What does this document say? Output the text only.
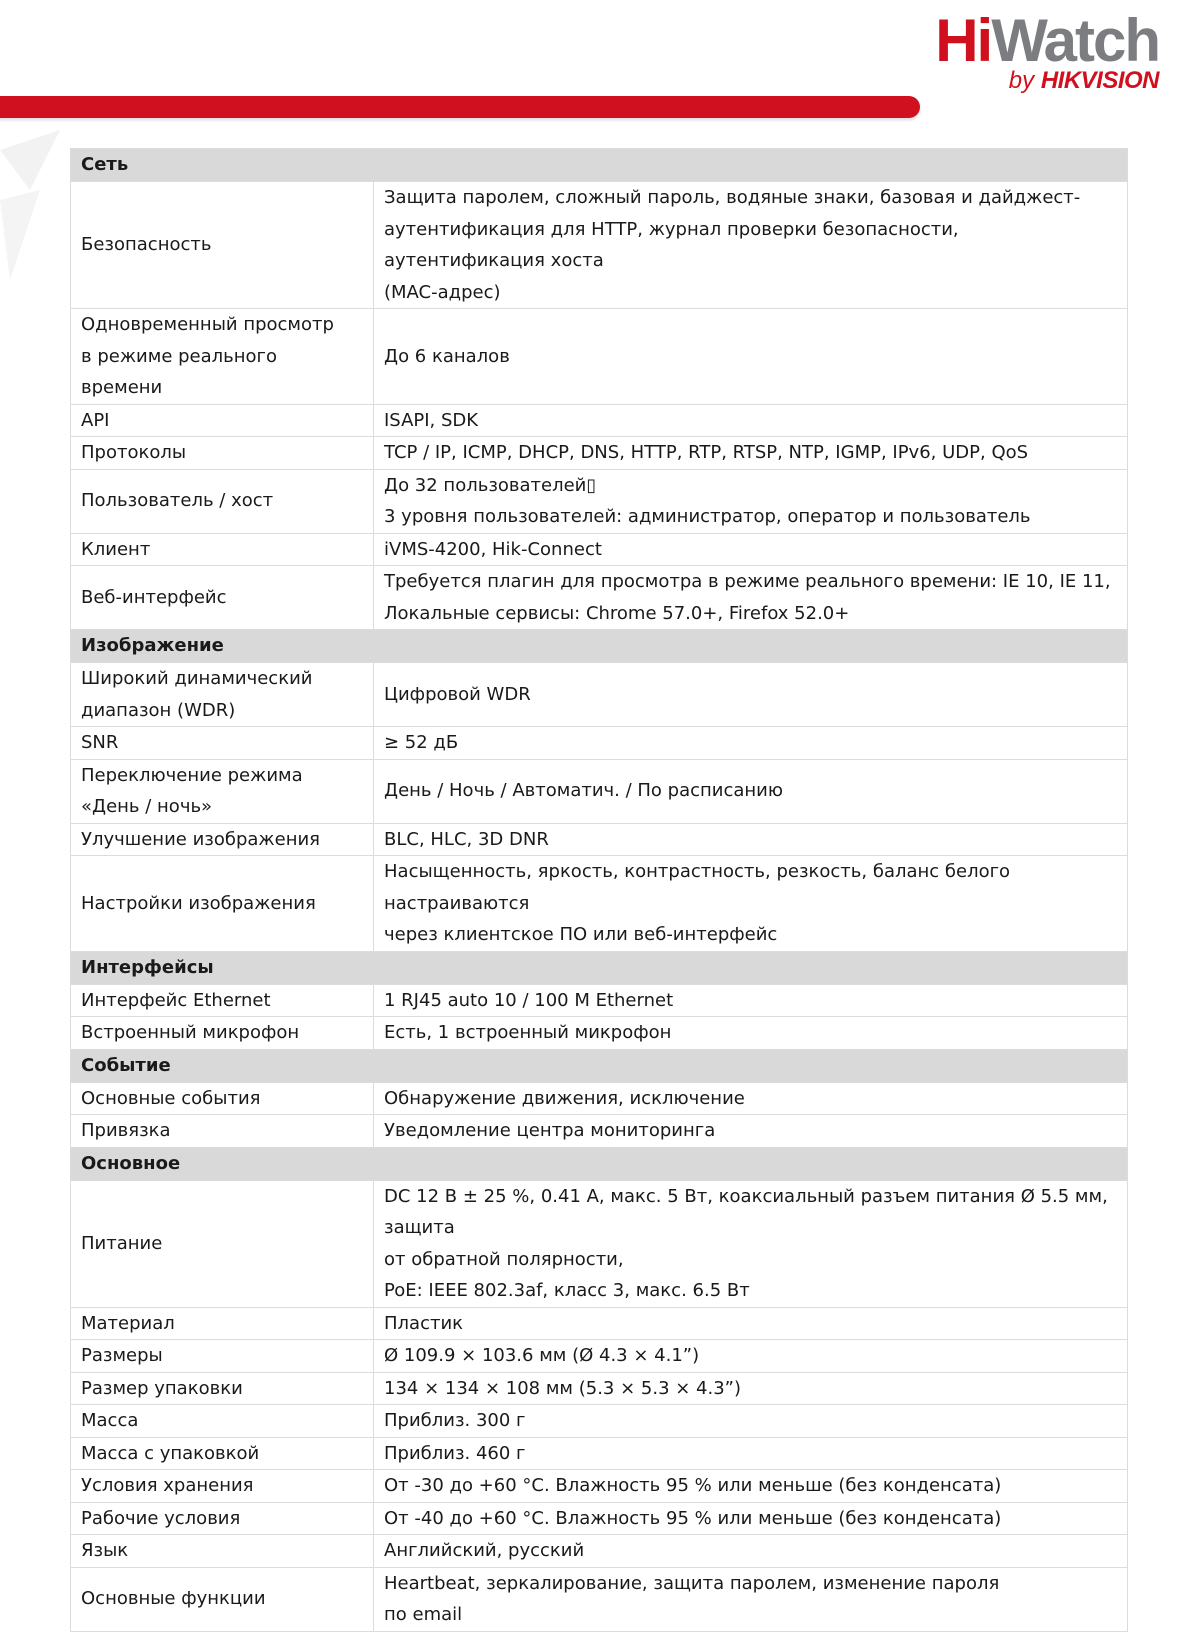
HiWatch
by HIKVISION
Сеть	

Безопасность	Защита паролем, сложный пароль, водяные знаки, базовая и дайджест-
аутентификация для HTTP, журнал проверки безопасности, аутентификация хоста
(MAC-адрес)

Одновременный просмотр
в режиме реального времени	До 6 каналов

API	ISAPI, SDK

Протоколы	TCP / IP, ICMP, DHCP, DNS, HTTP, RTP, RTSP, NTP, IGMP, IPv6, UDP, QoS

Пользователь / хост	До 32 пользователей▯
3 уровня пользователей: администратор, оператор и пользователь

Клиент	iVMS-4200, Hik-Connect

Веб-интерфейс	Требуется плагин для просмотра в режиме реального времени: IE 10, IE 11,
Локальные сервисы: Chrome 57.0+, Firefox 52.0+

Изображение	

Широкий динамический
диапазон (WDR)	Цифровой WDR

SNR	≥ 52 дБ

Переключение режима
«День / ночь»	День / Ночь / Автоматич. / По расписанию

Улучшение изображения	BLC, HLC, 3D DNR

Настройки изображения	Насыщенность, яркость, контрастность, резкость, баланс белого настраиваются
через клиентское ПО или веб-интерфейс

Интерфейсы	

Интерфейс Ethernet	1 RJ45 auto 10 / 100 M Ethernet

Встроенный микрофон	Есть, 1 встроенный микрофон

Событие	

Основные события	Обнаружение движения, исключение

Привязка	Уведомление центра мониторинга

Основное	

Питание	DC 12 В ± 25 %, 0.41 А, макс. 5 Вт, коаксиальный разъем питания Ø 5.5 мм, защита
от обратной полярности,
PoE: IEEE 802.3af, класс 3, макс. 6.5 Вт

Материал	Пластик

Размеры	Ø 109.9 × 103.6 мм (Ø 4.3 × 4.1”)

Размер упаковки	134 × 134 × 108 мм (5.3 × 5.3 × 4.3”)

Масса	Приблиз. 300 г

Масса с упаковкой	Приблиз. 460 г

Условия хранения	От -30 до +60 °C. Влажность 95 % или меньше (без конденсата)

Рабочие условия	От -40 до +60 °C. Влажность 95 % или меньше (без конденсата)

Язык	Английский, русский

Основные функции	Heartbeat, зеркалирование, защита паролем, изменение пароля
по email
